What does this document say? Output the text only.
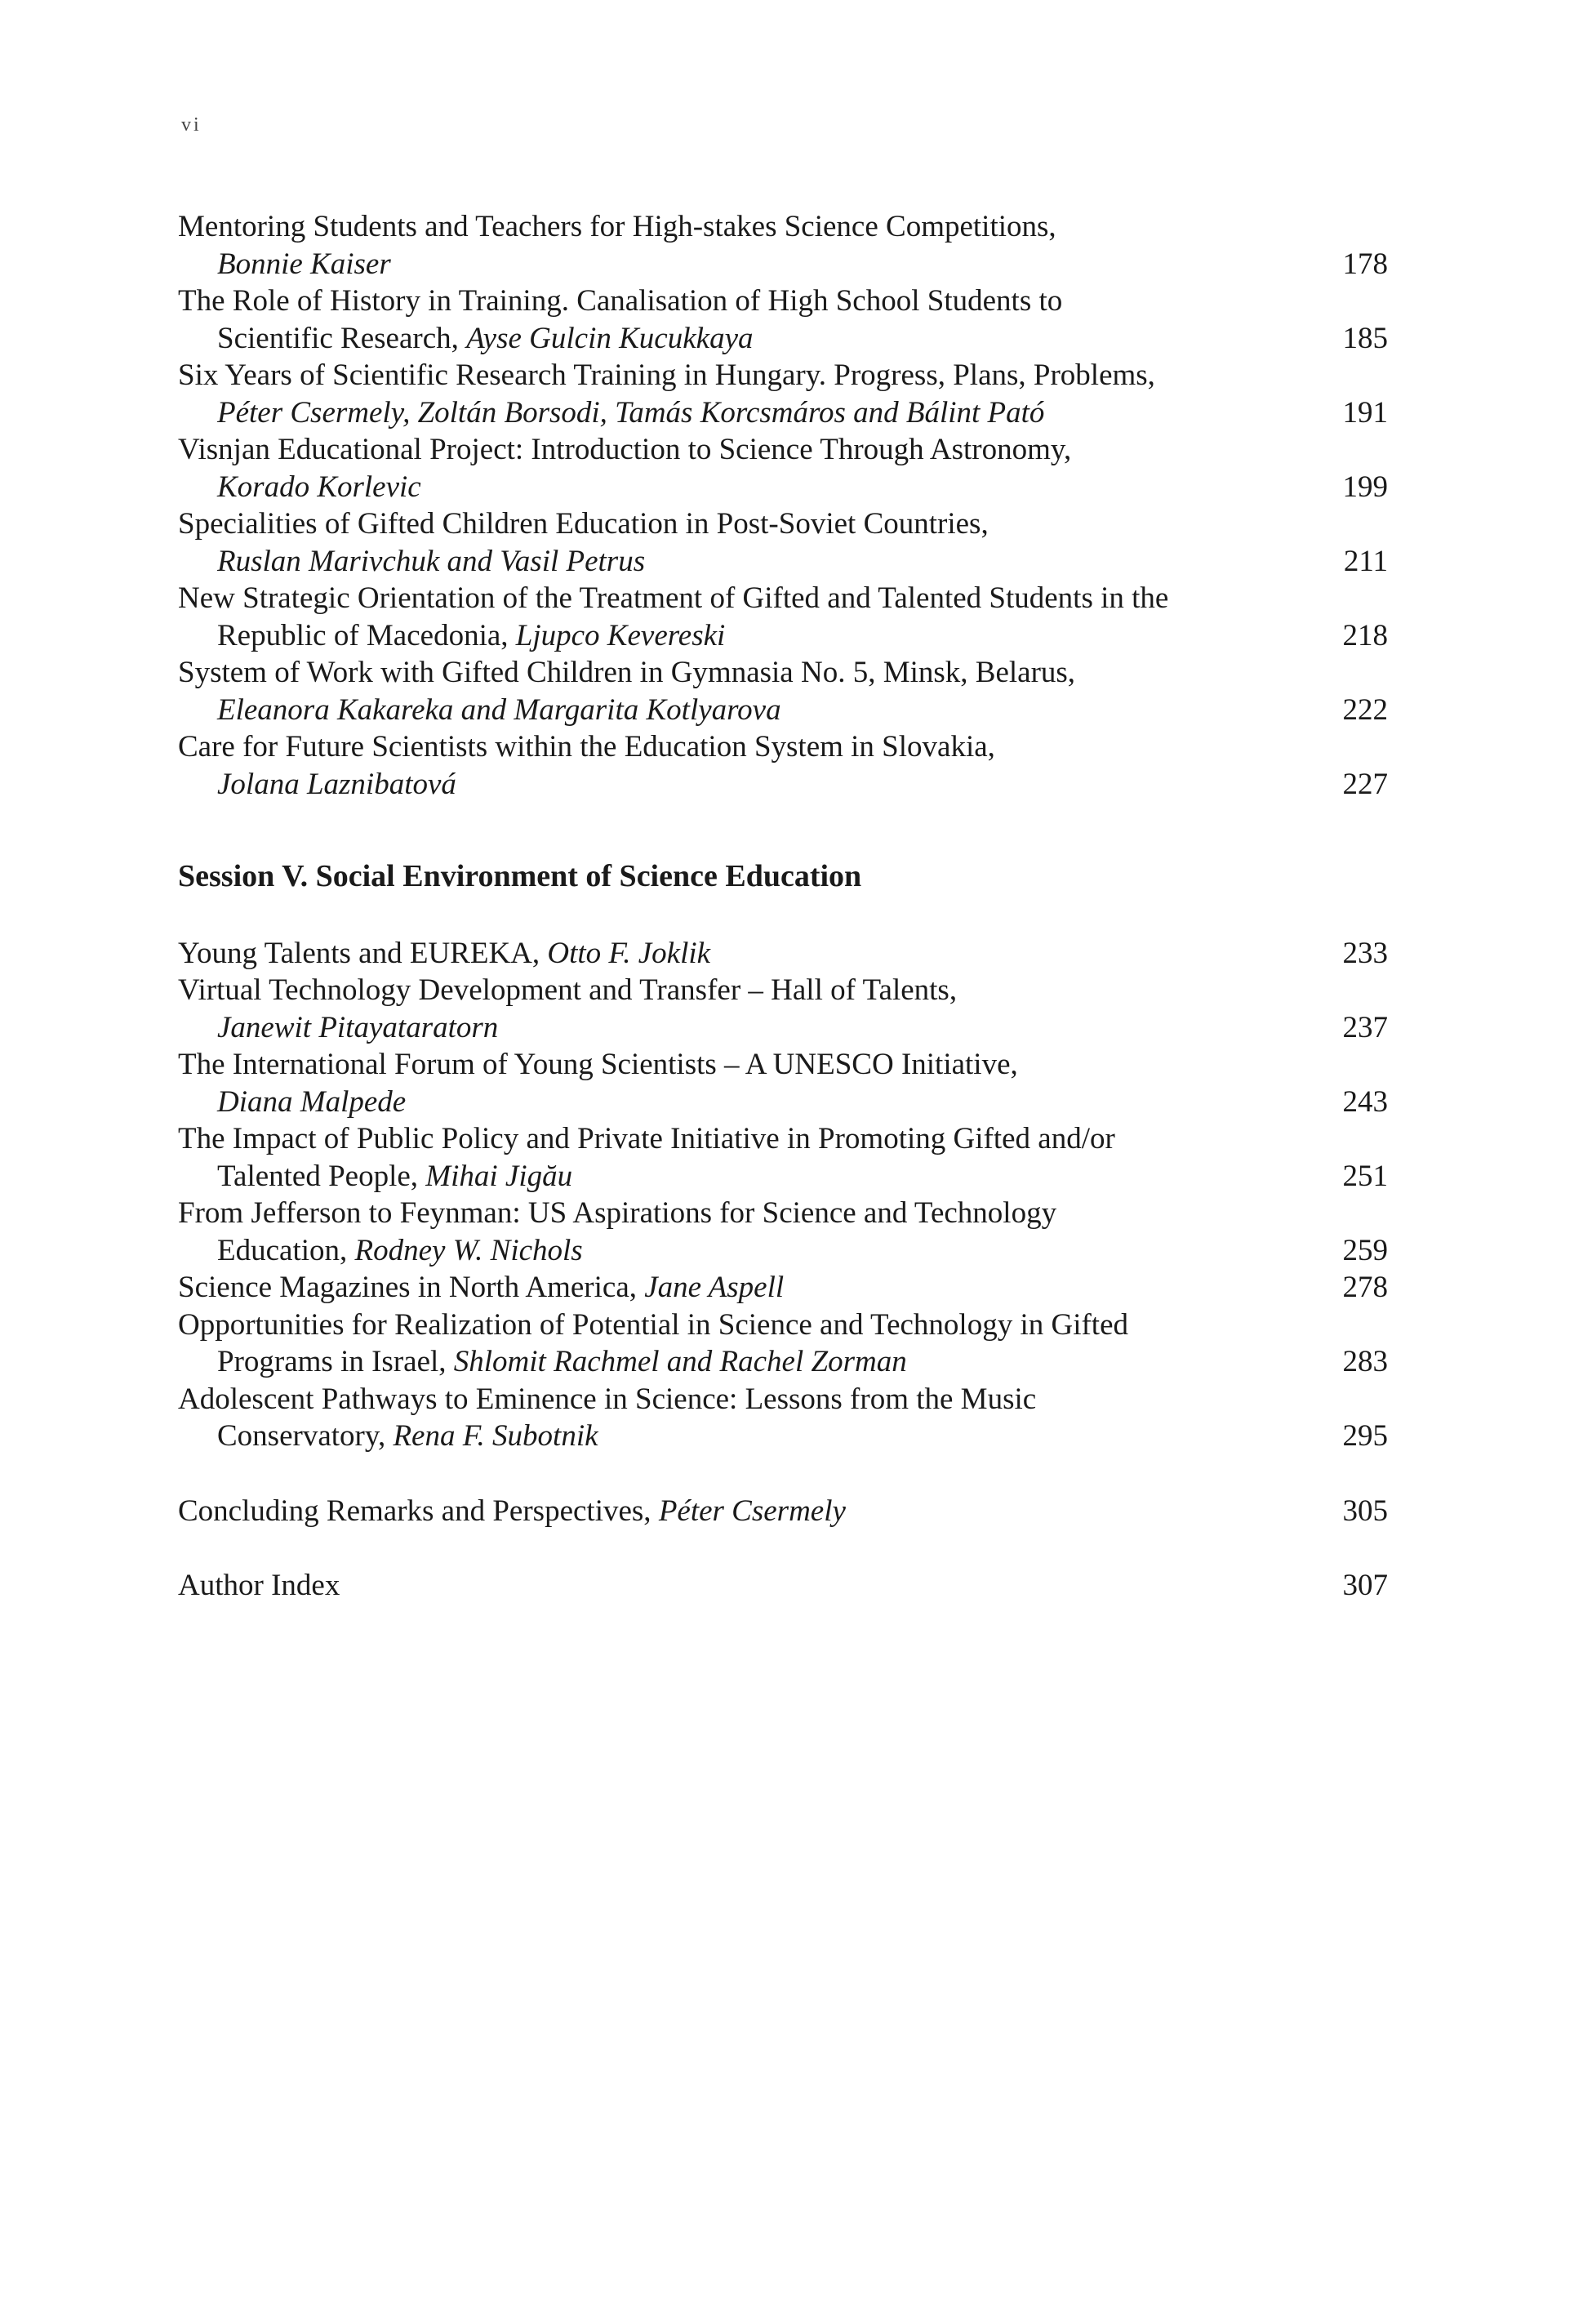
vi
Mentoring Students and Teachers for High-stakes Science Competitions,
Bonnie Kaiser	178
The Role of History in Training. Canalisation of High School Students to
Scientific Research, Ayse Gulcin Kucukkaya	185
Six Years of Scientific Research Training in Hungary. Progress, Plans, Problems,
Péter Csermely, Zoltán Borsodi, Tamás Korcsmáros and Bálint Pató	191
Visnjan Educational Project: Introduction to Science Through Astronomy,
Korado Korlevic	199
Specialities of Gifted Children Education in Post-Soviet Countries,
Ruslan Marivchuk and Vasil Petrus	211
New Strategic Orientation of the Treatment of Gifted and Talented Students in the
Republic of Macedonia, Ljupco Kevereski	218
System of Work with Gifted Children in Gymnasia No. 5, Minsk, Belarus,
Eleanora Kakareka and Margarita Kotlyarova	222
Care for Future Scientists within the Education System in Slovakia,
Jolana Laznibatová	227
Session V. Social Environment of Science Education
Young Talents and EUREKA, Otto F. Joklik	233
Virtual Technology Development and Transfer – Hall of Talents,
Janewit Pitayataratorn	237
The International Forum of Young Scientists – A UNESCO Initiative,
Diana Malpede	243
The Impact of Public Policy and Private Initiative in Promoting Gifted and/or
Talented People, Mihai Jigău	251
From Jefferson to Feynman: US Aspirations for Science and Technology
Education, Rodney W. Nichols	259
Science Magazines in North America, Jane Aspell	278
Opportunities for Realization of Potential in Science and Technology in Gifted
Programs in Israel, Shlomit Rachmel and Rachel Zorman	283
Adolescent Pathways to Eminence in Science: Lessons from the Music
Conservatory, Rena F. Subotnik	295
Concluding Remarks and Perspectives, Péter Csermely	305
Author Index	307
